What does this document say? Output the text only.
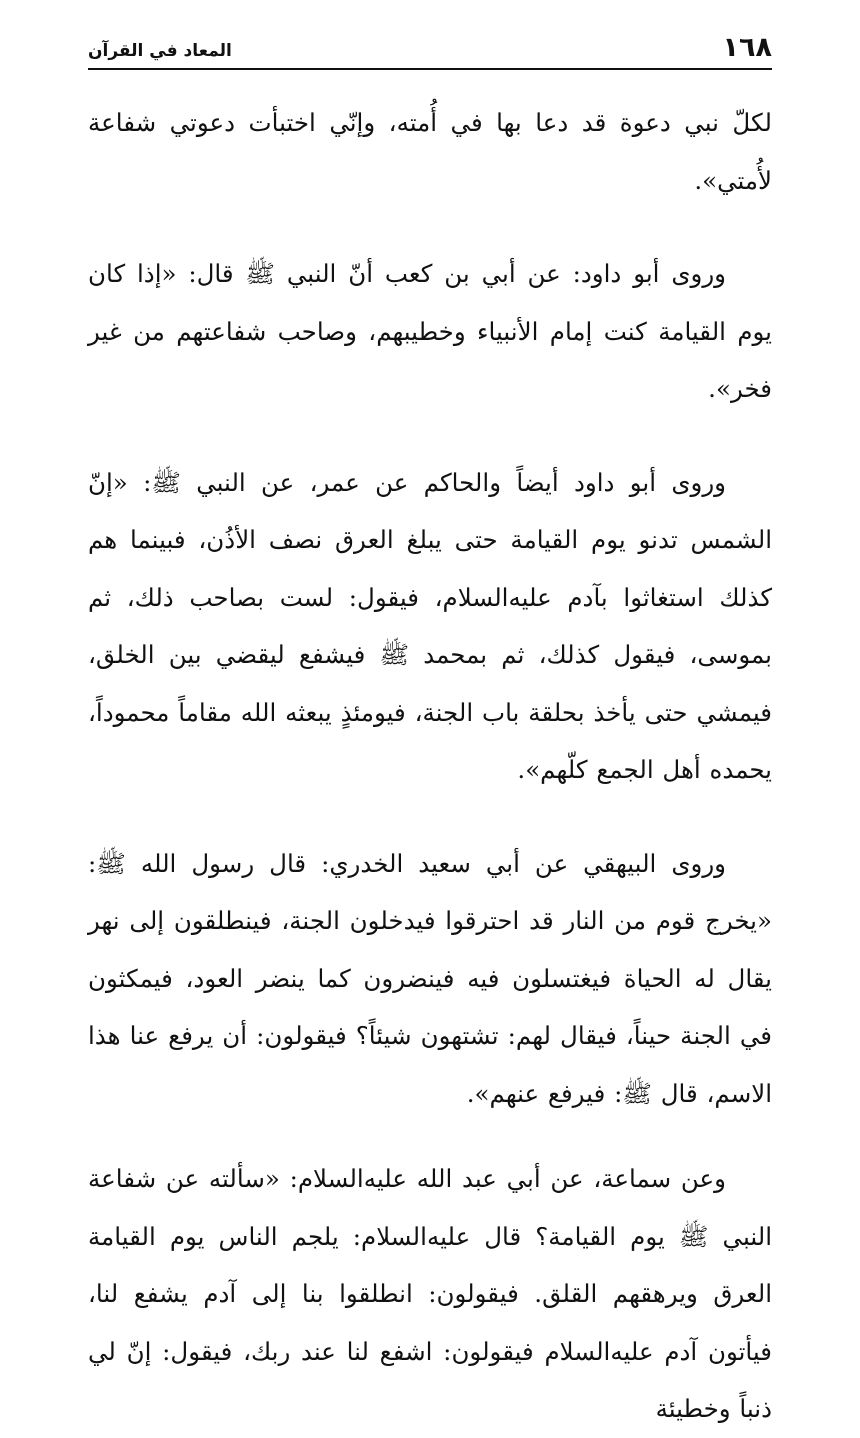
١٦٨
المعاد في القرآن

لكلّ نبي دعوة قد دعا بها في أُمته، وإنّي اختبأت دعوتي شفاعة لأُمتي».

وروى أبو داود: عن أبي بن كعب أنّ النبي ﷺ قال: «إذا كان يوم القيامة كنت إمام الأنبياء وخطيبهم، وصاحب شفاعتهم من غير فخر».

وروى أبو داود أيضاً والحاكم عن عمر، عن النبي ﷺ: «إنّ الشمس تدنو يوم القيامة حتى يبلغ العرق نصف الأذُن، فبينما هم كذلك استغاثوا بآدم عليه‌السلام، فيقول: لست بصاحب ذلك، ثم بموسى، فيقول كذلك، ثم بمحمد ﷺ فيشفع ليقضي بين الخلق، فيمشي حتى يأخذ بحلقة باب الجنة، فيومئذٍ يبعثه الله مقاماً محموداً، يحمده أهل الجمع كلّهم».

وروى البيهقي عن أبي سعيد الخدري: قال رسول الله ﷺ: «يخرج قوم من النار قد احترقوا فيدخلون الجنة، فينطلقون إلى نهر يقال له الحياة فيغتسلون فيه فينضرون كما ينضر العود، فيمكثون في الجنة حيناً، فيقال لهم: تشتهون شيئاً؟ فيقولون: أن يرفع عنا هذا الاسم، قال ﷺ: فيرفع عنهم».

وعن سماعة، عن أبي عبد الله عليه‌السلام: «سألته عن شفاعة النبي ﷺ يوم القيامة؟ قال عليه‌السلام: يلجم الناس يوم القيامة العرق ويرهقهم القلق. فيقولون: انطلقوا بنا إلى آدم يشفع لنا، فيأتون آدم عليه‌السلام فيقولون: اشفع لنا عند ربك، فيقول: إنّ لي ذنباً وخطيئة
